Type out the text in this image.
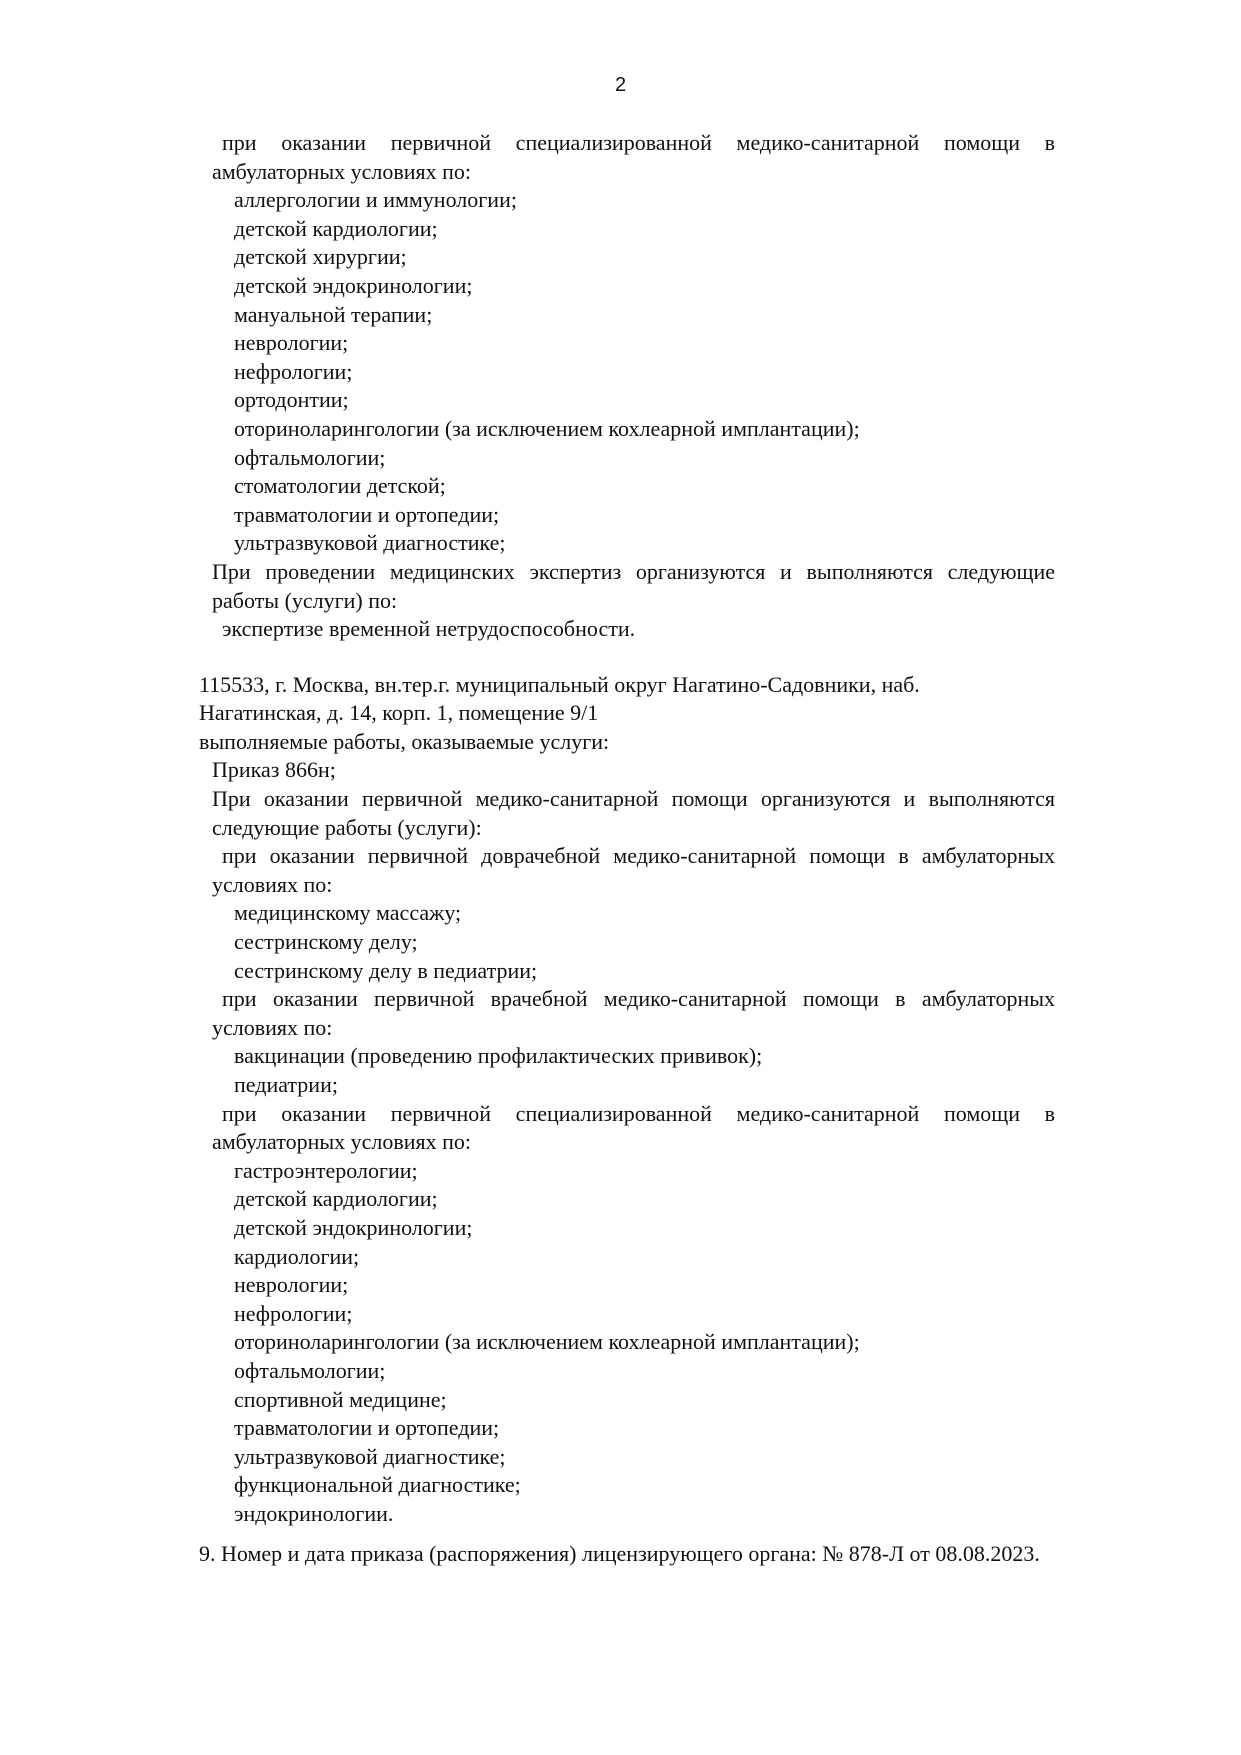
2
при оказании первичной специализированной медико-санитарной помощи в
амбулаторных условиях по:
аллергологии и иммунологии;
детской кардиологии;
детской хирургии;
детской эндокринологии;
мануальной терапии;
неврологии;
нефрологии;
ортодонтии;
оториноларингологии (за исключением кохлеарной имплантации);
офтальмологии;
стоматологии детской;
травматологии и ортопедии;
ультразвуковой диагностике;
При проведении медицинских экспертиз организуются и выполняются следующие
работы (услуги) по:
экспертизе временной нетрудоспособности.
115533, г. Москва, вн.тер.г. муниципальный округ Нагатино-Садовники, наб.
Нагатинская, д. 14, корп. 1, помещение 9/1
выполняемые работы, оказываемые услуги:
Приказ 866н;
При оказании первичной медико-санитарной помощи организуются и выполняются
следующие работы (услуги):
при оказании первичной доврачебной медико-санитарной помощи в амбулаторных
условиях по:
медицинскому массажу;
сестринскому делу;
сестринскому делу в педиатрии;
при оказании первичной врачебной медико-санитарной помощи в амбулаторных
условиях по:
вакцинации (проведению профилактических прививок);
педиатрии;
при оказании первичной специализированной медико-санитарной помощи в
амбулаторных условиях по:
гастроэнтерологии;
детской кардиологии;
детской эндокринологии;
кардиологии;
неврологии;
нефрологии;
оториноларингологии (за исключением кохлеарной имплантации);
офтальмологии;
спортивной медицине;
травматологии и ортопедии;
ультразвуковой диагностике;
функциональной диагностике;
эндокринологии.
9. Номер и дата приказа (распоряжения) лицензирующего органа: № 878-Л от 08.08.2023.
